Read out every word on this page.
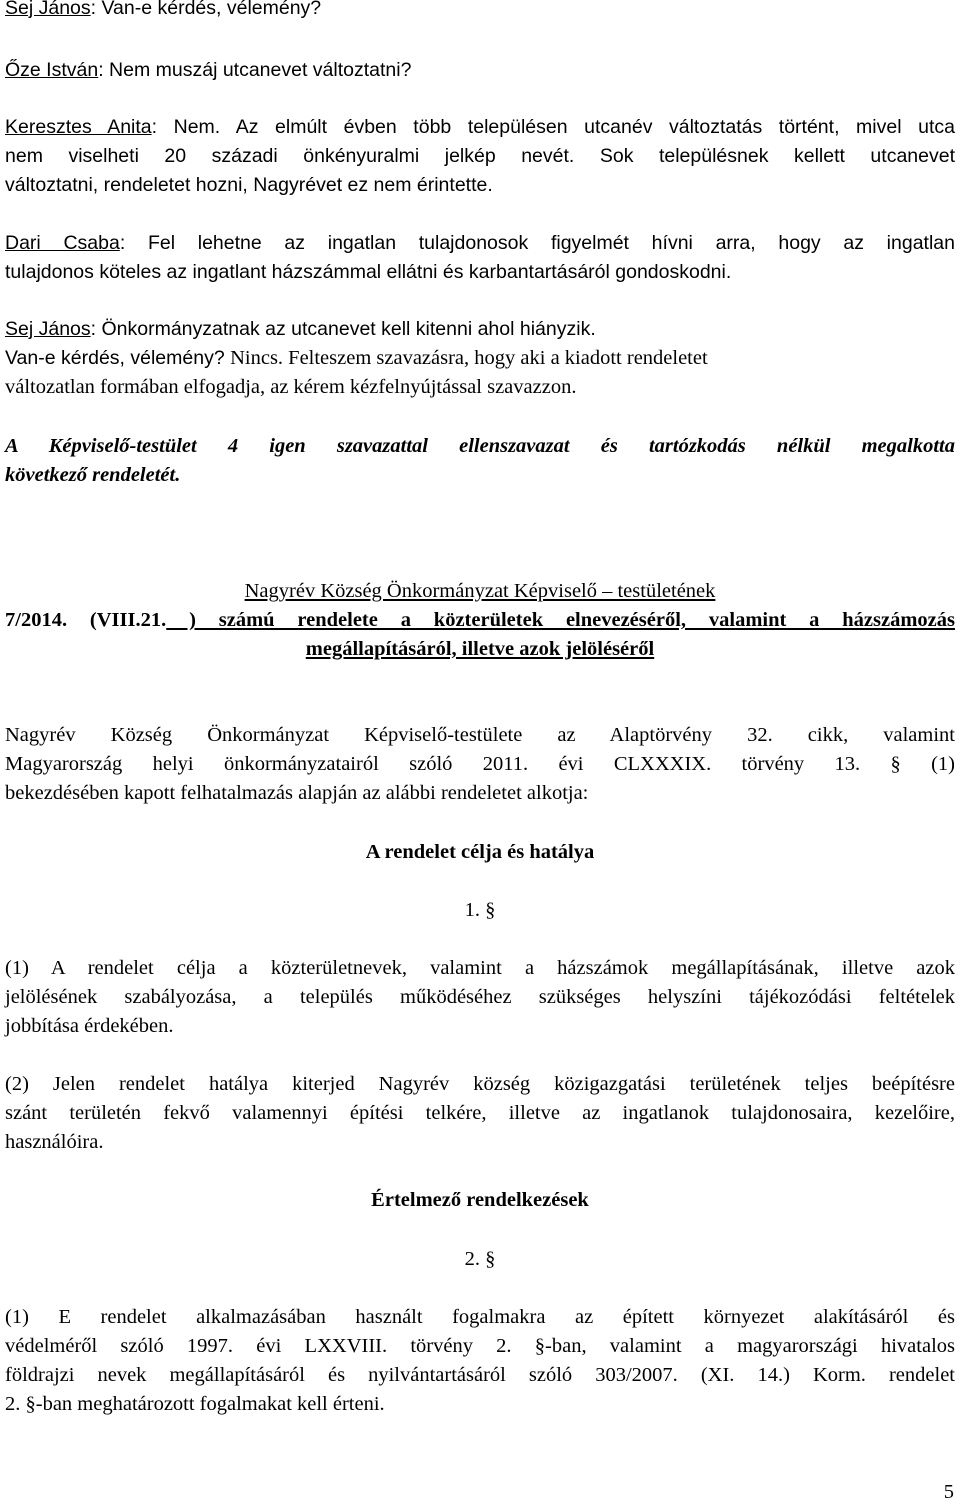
Sej János: Van-e kérdés, vélemény?
Őze István: Nem muszáj utcanevet változtatni?
Keresztes Anita: Nem. Az elmúlt évben több településen utcanév változtatás történt, mivel utca
nem viselheti 20 századi önkényuralmi jelkép nevét. Sok településnek kellett utcanevet
változtatni, rendeletet hozni, Nagyrévet ez nem érintette.
Dari Csaba: Fel lehetne az ingatlan tulajdonosok figyelmét hívni arra, hogy az ingatlan
tulajdonos köteles az ingatlant házszámmal ellátni és karbantartásáról gondoskodni.
Sej János: Önkormányzatnak az utcanevet kell kitenni ahol hiányzik.
Van-e kérdés, vélemény? Nincs. Felteszem szavazásra, hogy aki a kiadott rendeletet
változatlan formában elfogadja, az kérem kézfelnyújtással szavazzon.
A Képviselő-testület 4 igen szavazattal ellenszavazat és tartózkodás nélkül megalkotta
következő rendeletét.
Nagyrév Község Önkormányzat Képviselő – testületének
7/2014. (VIII.21. ) számú rendelete a közterületek elnevezéséről, valamint a házszámozás
megállapításáról, illetve azok jelöléséről
Nagyrév Község Önkormányzat Képviselő-testülete az Alaptörvény 32. cikk, valamint
Magyarország helyi önkormányzatairól szóló 2011. évi CLXXXIX. törvény 13. § (1)
bekezdésében kapott felhatalmazás alapján az alábbi rendeletet alkotja:
A rendelet célja és hatálya
1. §
(1) A rendelet célja a közterületnevek, valamint a házszámok megállapításának, illetve azok
jelölésének szabályozása, a település működéséhez szükséges helyszíni tájékozódási feltételek
jobbítása érdekében.
(2) Jelen rendelet hatálya kiterjed Nagyrév község közigazgatási területének teljes beépítésre
szánt területén fekvő valamennyi építési telkére, illetve az ingatlanok tulajdonosaira, kezelőire,
használóira.
Értelmező rendelkezések
2. §
(1) E rendelet alkalmazásában használt fogalmakra az épített környezet alakításáról és
védelméről szóló 1997. évi LXXVIII. törvény 2. §-ban, valamint a magyarországi hivatalos
földrajzi nevek megállapításáról és nyilvántartásáról szóló 303/2007. (XI. 14.) Korm. rendelet
2. §-ban meghatározott fogalmakat kell érteni.
5
